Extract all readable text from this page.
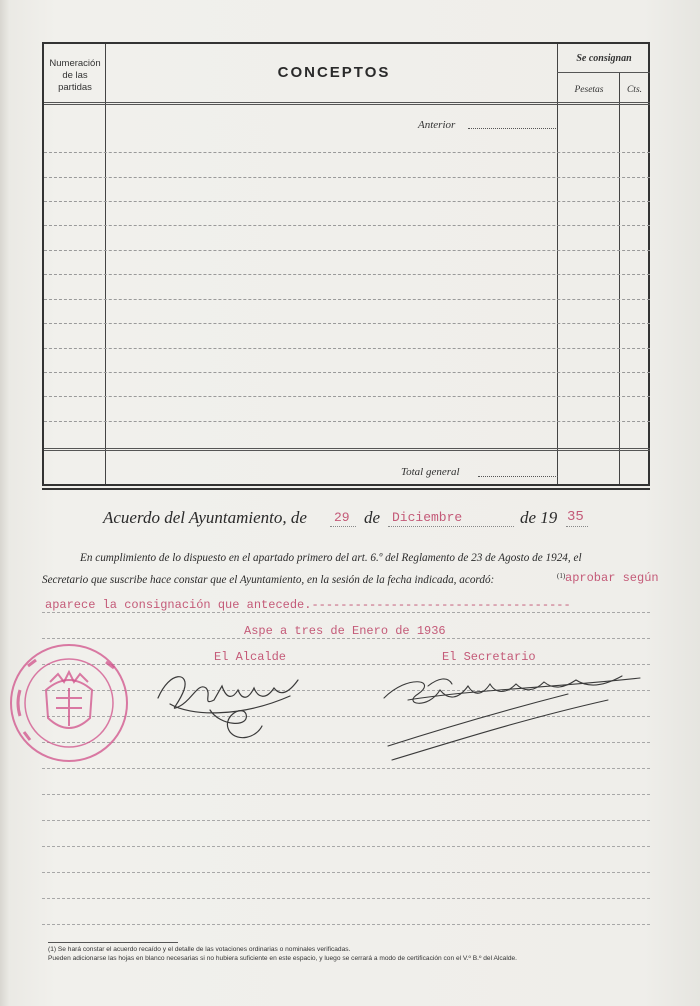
Numeración de las partidas
CONCEPTOS
Se consignan
Pesetas	Cts.
Anterior
Total general
Acuerdo del Ayuntamiento, de 29 de Diciembre	de 19 35
En cumplimiento de lo dispuesto en el apartado primero del art. 6.º del Reglamento de 23 de Agosto de 1924, el
Secretario que suscribe hace constar que el Ayuntamiento, en la sesión de la fecha indicada, acordó:	(1) aprobar según
aparece la consignación que antecede.------------------------------------
Aspe a tres de Enero de 1936
El Alcalde	El Secretario
(1) Se hará constar el acuerdo recaído y el detalle de las votaciones ordinarias o nominales verificadas.
Pueden adicionarse las hojas en blanco necesarias si no hubiera suficiente en este espacio, y luego se cerrará a modo de certificación con el V.º B.º del Alcalde.
